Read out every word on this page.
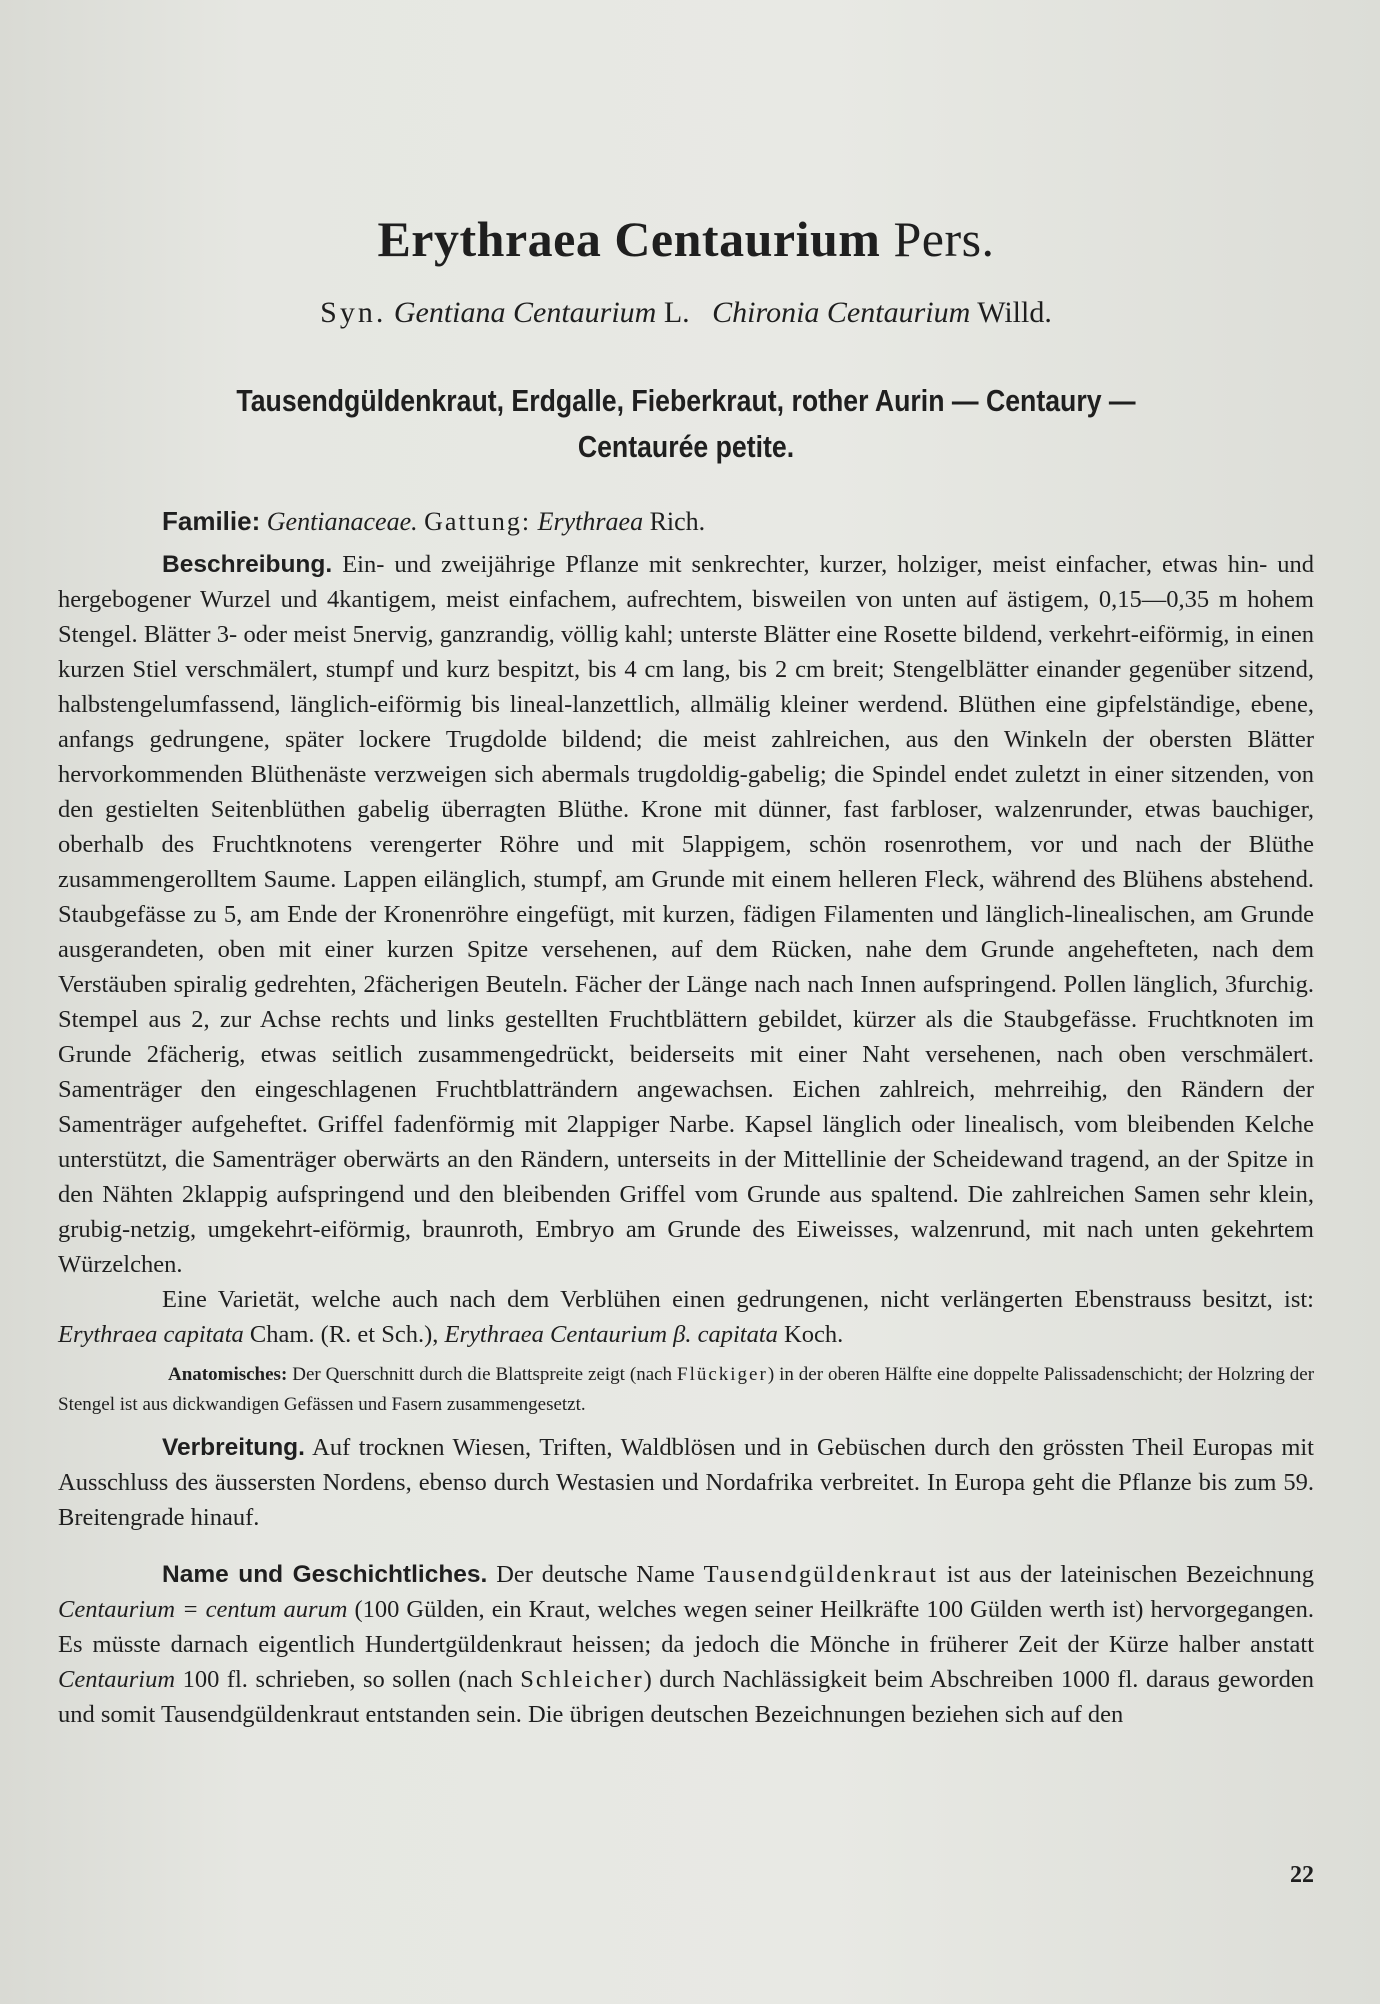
Erythraea Centaurium Pers.
Syn. Gentiana Centaurium L. Chironia Centaurium Willd.
Tausendgüldenkraut, Erdgalle, Fieberkraut, rother Aurin — Centaury — Centaurée petite.
Familie: Gentianaceae. Gattung: Erythraea Rich.

Beschreibung. Ein- und zweijährige Pflanze mit senkrechter, kurzer, holziger, meist einfacher, etwas hin- und hergebogener Wurzel und 4kantigem, meist einfachem, aufrechtem, bisweilen von unten auf ästigem, 0,15—0,35 m hohem Stengel. Blätter 3- oder meist 5nervig, ganzrandig, völlig kahl; unterste Blätter eine Rosette bildend, verkehrt-eiförmig, in einen kurzen Stiel verschmälert, stumpf und kurz bespitzt, bis 4 cm lang, bis 2 cm breit; Stengelblätter einander gegenüber sitzend, halbstengelumfassend, länglich-eiförmig bis lineal-lanzettlich, allmälig kleiner werdend. Blüthen eine gipfelständige, ebene, anfangs gedrungene, später lockere Trugdolde bildend; die meist zahlreichen, aus den Winkeln der obersten Blätter hervorkommenden Blüthenäste verzweigen sich abermals trugdoldig-gabelig; die Spindel endet zuletzt in einer sitzenden, von den gestielten Seitenblüthen gabelig überragten Blüthe. Krone mit dünner, fast farbloser, walzenrunder, etwas bauchiger, oberhalb des Fruchtknotens verengerter Röhre und mit 5lappigem, schön rosenrothem, vor und nach der Blüthe zusammengerolltem Saume. Lappen eilänglich, stumpf, am Grunde mit einem helleren Fleck, während des Blühens abstehend. Staubgefässe zu 5, am Ende der Kronenröhre eingefügt, mit kurzen, fädigen Filamenten und länglich-linealischen, am Grunde ausgerandeten, oben mit einer kurzen Spitze versehenen, auf dem Rücken, nahe dem Grunde angehefteten, nach dem Verstäuben spiralig gedrehten, 2fächerigen Beuteln. Fächer der Länge nach nach Innen aufspringend. Pollen länglich, 3furchig. Stempel aus 2, zur Achse rechts und links gestellten Fruchtblättern gebildet, kürzer als die Staubgefässe. Fruchtknoten im Grunde 2fächerig, etwas seitlich zusammengedrückt, beiderseits mit einer Naht versehenen, nach oben verschmälert. Samenträger den eingeschlagenen Fruchtblatträndern angewachsen. Eichen zahlreich, mehrreihig, den Rändern der Samenträger aufgeheftet. Griffel fadenförmig mit 2lappiger Narbe. Kapsel länglich oder linealisch, vom bleibenden Kelche unterstützt, die Samenträger oberwärts an den Rändern, unterseits in der Mittellinie der Scheidewand tragend, an der Spitze in den Nähten 2klappig aufspringend und den bleibenden Griffel vom Grunde aus spaltend. Die zahlreichen Samen sehr klein, grubig-netzig, umgekehrt-eiförmig, braunroth, Embryo am Grunde des Eiweisses, walzenrund, mit nach unten gekehrtem Würzelchen.

Eine Varietät, welche auch nach dem Verblühen einen gedrungenen, nicht verlängerten Ebenstrauss besitzt, ist: Erythraea capitata Cham. (R. et Sch.), Erythraea Centaurium β. capitata Koch.

Anatomisches: Der Querschnitt durch die Blattspreite zeigt (nach Flückiger) in der oberen Hälfte eine doppelte Palissadenschicht; der Holzring der Stengel ist aus dickwandigen Gefässen und Fasern zusammengesetzt.

Verbreitung. Auf trocknen Wiesen, Triften, Waldblösen und in Gebüschen durch den grössten Theil Europas mit Ausschluss des äussersten Nordens, ebenso durch Westasien und Nordafrika verbreitet. In Europa geht die Pflanze bis zum 59. Breitengrade hinauf.

Name und Geschichtliches. Der deutsche Name Tausendgüldenkraut ist aus der lateinischen Bezeichnung Centaurium = centum aurum (100 Gülden, ein Kraut, welches wegen seiner Heilkräfte 100 Gülden werth ist) hervorgegangen. Es müsste darnach eigentlich Hundertgüldenkraut heissen; da jedoch die Mönche in früherer Zeit der Kürze halber anstatt Centaurium 100 fl. schrieben, so sollen (nach Schleicher) durch Nachlässigkeit beim Abschreiben 1000 fl. daraus geworden und somit Tausendgüldenkraut entstanden sein. Die übrigen deutschen Bezeichnungen beziehen sich auf den

22
